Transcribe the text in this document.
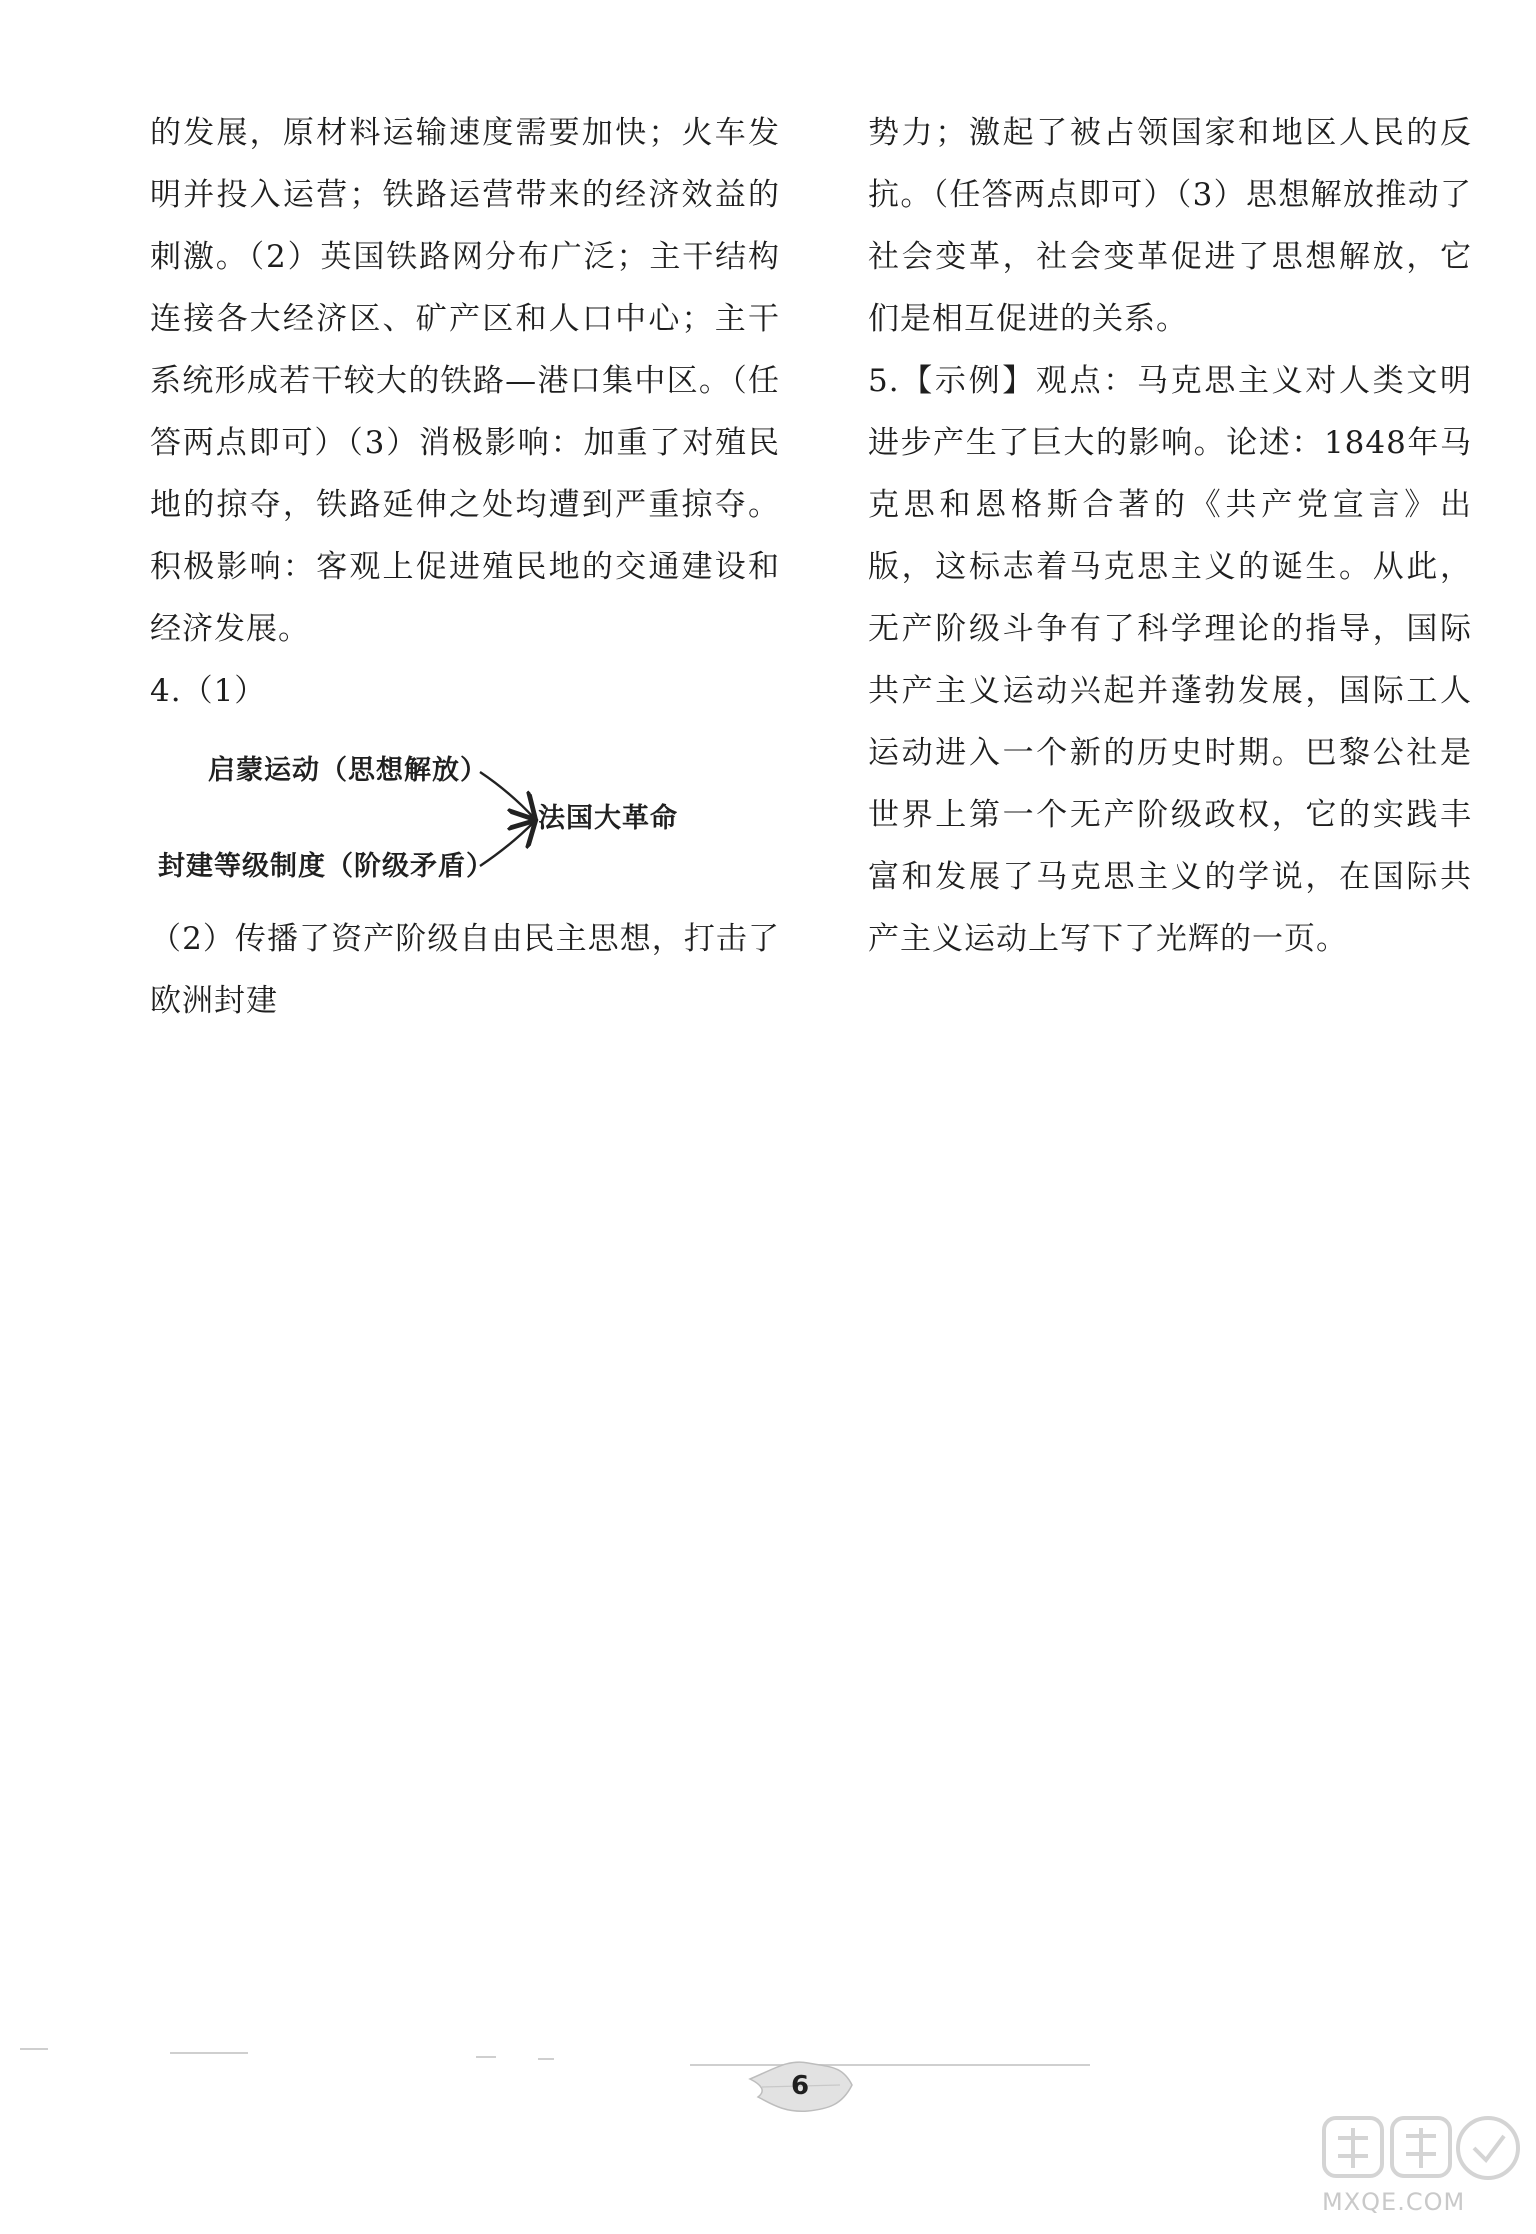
的发展，原材料运输速度需要加快；火车发明并投入运营；铁路运营带来的经济效益的刺激。（2）英国铁路网分布广泛；主干结构连接各大经济区、矿产区和人口中心；主干系统形成若干较大的铁路—港口集中区。（任答两点即可）（3）消极影响：加重了对殖民地的掠夺，铁路延伸之处均遭到严重掠夺。积极影响：客观上促进殖民地的交通建设和经济发展。

4.（1）

启蒙运动（思想解放）
封建等级制度（阶级矛盾）
法国大革命

（2）传播了资产阶级自由民主思想，打击了欧洲封建

势力；激起了被占领国家和地区人民的反抗。（任答两点即可）（3）思想解放推动了社会变革，社会变革促进了思想解放，它们是相互促进的关系。

5.【示例】观点：马克思主义对人类文明进步产生了巨大的影响。论述：1848年马克思和恩格斯合著的《共产党宣言》出版，这标志着马克思主义的诞生。从此，无产阶级斗争有了科学理论的指导，国际共产主义运动兴起并蓬勃发展，国际工人运动进入一个新的历史时期。巴黎公社是世界上第一个无产阶级政权，它的实践丰富和发展了马克思主义的学说，在国际共产主义运动上写下了光辉的一页。

6
MXQE.COM
